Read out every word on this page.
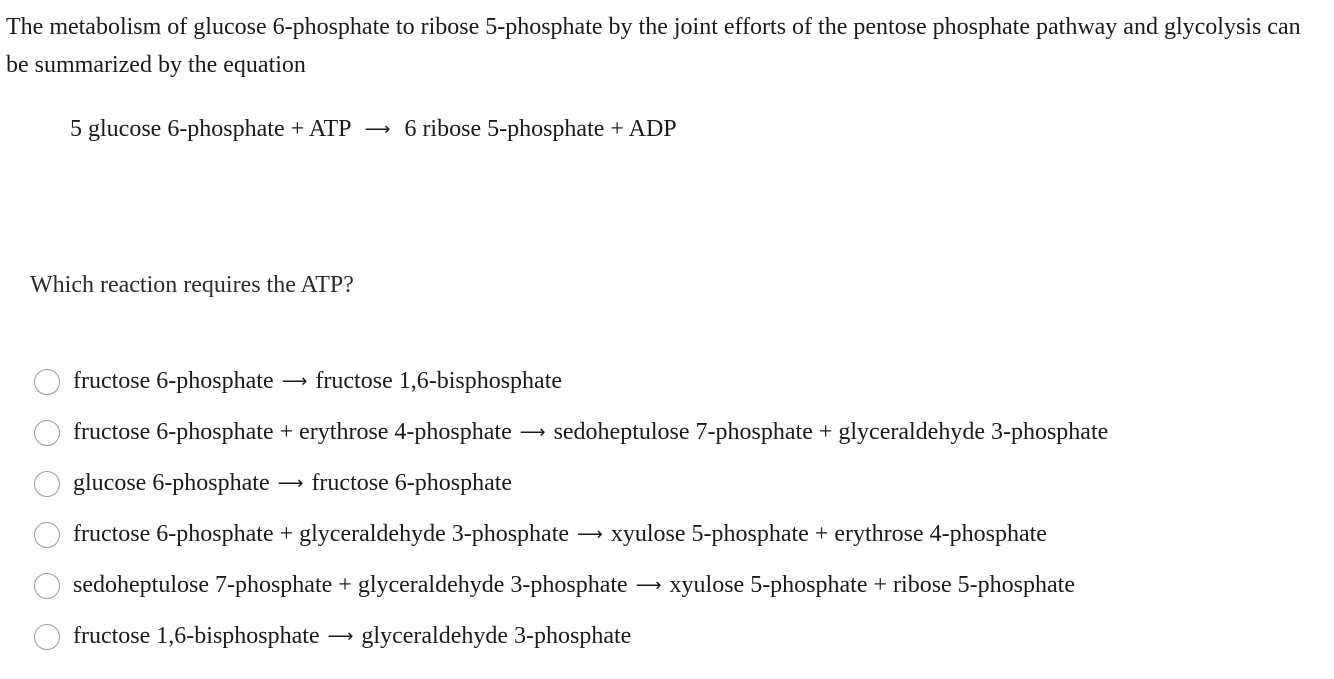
The metabolism of glucose 6-phosphate to ribose 5-phosphate by the joint efforts of the pentose phosphate pathway and glycolysis can be summarized by the equation

5 glucose 6-phosphate + ATP ⟶ 6 ribose 5-phosphate + ADP
Which reaction requires the ATP?
fructose 6-phosphate ⟶ fructose 1,6-bisphosphate
fructose 6-phosphate + erythrose 4-phosphate ⟶ sedoheptulose 7-phosphate + glyceraldehyde 3-phosphate
glucose 6-phosphate ⟶ fructose 6-phosphate
fructose 6-phosphate + glyceraldehyde 3-phosphate ⟶ xyulose 5-phosphate + erythrose 4-phosphate
sedoheptulose 7-phosphate + glyceraldehyde 3-phosphate ⟶ xyulose 5-phosphate + ribose 5-phosphate
fructose 1,6-bisphosphate ⟶ glyceraldehyde 3-phosphate
